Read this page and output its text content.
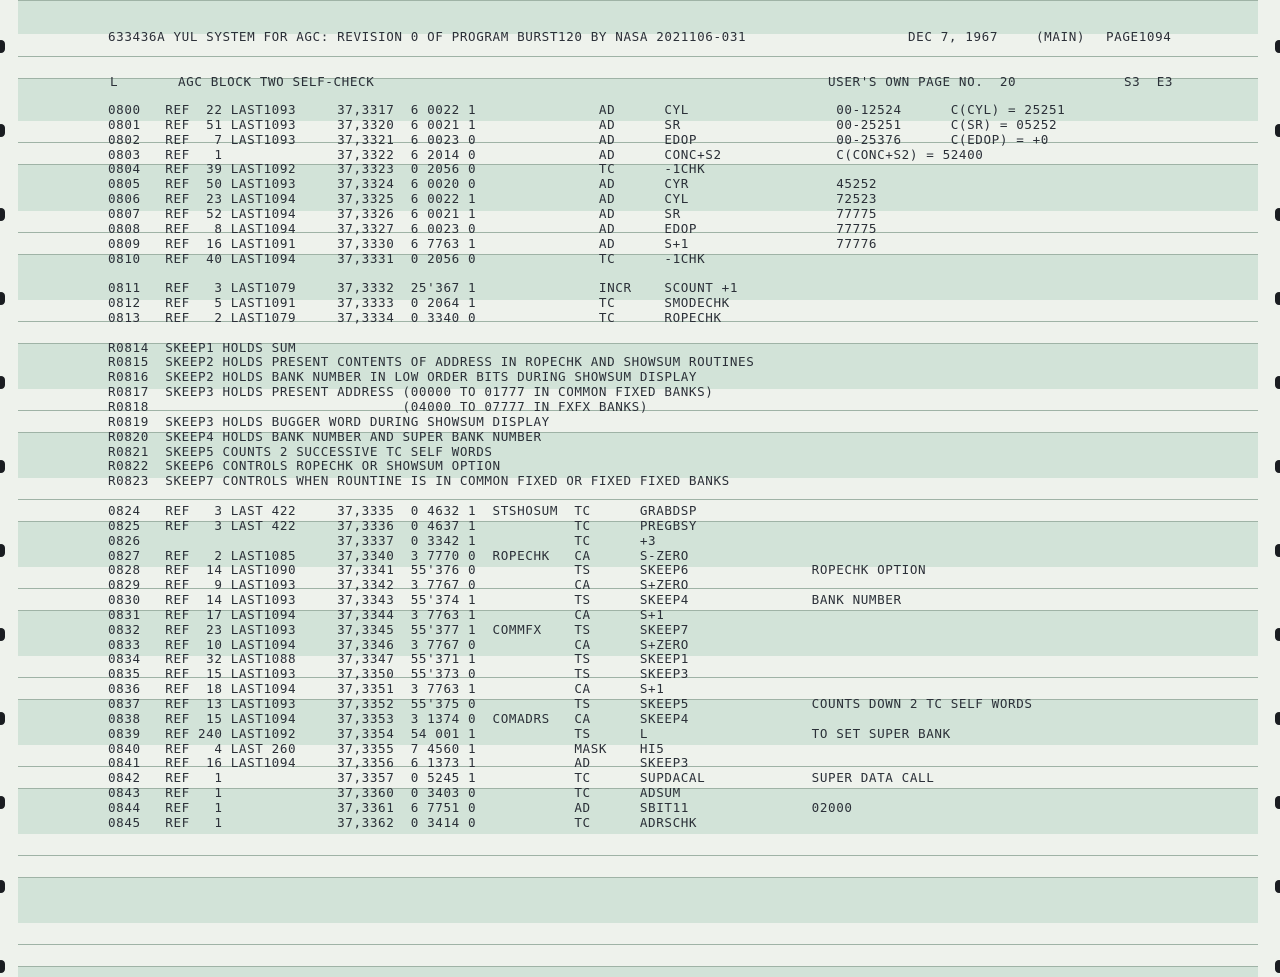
633436A YUL SYSTEM FOR AGC: REVISION 0 OF PROGRAM BURST120 BY NASA 2021106-031	DEC 7, 1967	(MAIN) PAGE1094
L	AGC BLOCK TWO SELF-CHECK	USER'S OWN PAGE NO.  20	S3  E3
0800   REF  22 LAST1093     37,3317  6 0022 1               AD      CYL                  00-12524      C(CYL) = 25251
0801   REF  51 LAST1093     37,3320  6 0021 1               AD      SR                   00-25251      C(SR) = 05252
0802   REF   7 LAST1093     37,3321  6 0023 0               AD      EDOP                 00-25376      C(EDOP) = +0
0803   REF   1              37,3322  6 2014 0               AD      CONC+S2              C(CONC+S2) = 52400
0804   REF  39 LAST1092     37,3323  0 2056 0               TC      -1CHK
0805   REF  50 LAST1093     37,3324  6 0020 0               AD      CYR                  45252
0806   REF  23 LAST1094     37,3325  6 0022 1               AD      CYL                  72523
0807   REF  52 LAST1094     37,3326  6 0021 1               AD      SR                   77775
0808   REF   8 LAST1094     37,3327  6 0023 0               AD      EDOP                 77775
0809   REF  16 LAST1091     37,3330  6 7763 1               AD      S+1                  77776
0810   REF  40 LAST1094     37,3331  0 2056 0               TC      -1CHK
0811   REF   3 LAST1079     37,3332  25'367 1               INCR    SCOUNT +1
0812   REF   5 LAST1091     37,3333  0 2064 1               TC      SMODECHK
0813   REF   2 LAST1079     37,3334  0 3340 0               TC      ROPECHK
R0814  SKEEP1 HOLDS SUM
R0815  SKEEP2 HOLDS PRESENT CONTENTS OF ADDRESS IN ROPECHK AND SHOWSUM ROUTINES
R0816  SKEEP2 HOLDS BANK NUMBER IN LOW ORDER BITS DURING SHOWSUM DISPLAY
R0817  SKEEP3 HOLDS PRESENT ADDRESS (00000 TO 01777 IN COMMON FIXED BANKS)
R0818                               (04000 TO 07777 IN FXFX BANKS)
R0819  SKEEP3 HOLDS BUGGER WORD DURING SHOWSUM DISPLAY
R0820  SKEEP4 HOLDS BANK NUMBER AND SUPER BANK NUMBER
R0821  SKEEP5 COUNTS 2 SUCCESSIVE TC SELF WORDS
R0822  SKEEP6 CONTROLS ROPECHK OR SHOWSUM OPTION
R0823  SKEEP7 CONTROLS WHEN ROUNTINE IS IN COMMON FIXED OR FIXED FIXED BANKS
0824   REF   3 LAST 422     37,3335  0 4632 1  STSHOSUM  TC      GRABDSP
0825   REF   3 LAST 422     37,3336  0 4637 1            TC      PREGBSY
0826                        37,3337  0 3342 1            TC      +3
0827   REF   2 LAST1085     37,3340  3 7770 0  ROPECHK   CA      S-ZERO
0828   REF  14 LAST1090     37,3341  55'376 0            TS      SKEEP6               ROPECHK OPTION
0829   REF   9 LAST1093     37,3342  3 7767 0            CA      S+ZERO
0830   REF  14 LAST1093     37,3343  55'374 1            TS      SKEEP4               BANK NUMBER
0831   REF  17 LAST1094     37,3344  3 7763 1            CA      S+1
0832   REF  23 LAST1093     37,3345  55'377 1  COMMFX    TS      SKEEP7
0833   REF  10 LAST1094     37,3346  3 7767 0            CA      S+ZERO
0834   REF  32 LAST1088     37,3347  55'371 1            TS      SKEEP1
0835   REF  15 LAST1093     37,3350  55'373 0            TS      SKEEP3
0836   REF  18 LAST1094     37,3351  3 7763 1            CA      S+1
0837   REF  13 LAST1093     37,3352  55'375 0            TS      SKEEP5               COUNTS DOWN 2 TC SELF WORDS
0838   REF  15 LAST1094     37,3353  3 1374 0  COMADRS   CA      SKEEP4
0839   REF 240 LAST1092     37,3354  54 001 1            TS      L                    TO SET SUPER BANK
0840   REF   4 LAST 260     37,3355  7 4560 1            MASK    HI5
0841   REF  16 LAST1094     37,3356  6 1373 1            AD      SKEEP3
0842   REF   1              37,3357  0 5245 1            TC      SUPDACAL             SUPER DATA CALL
0843   REF   1              37,3360  0 3403 0            TC      ADSUM
0844   REF   1              37,3361  6 7751 0            AD      SBIT11               02000
0845   REF   1              37,3362  0 3414 0            TC      ADRSCHK
